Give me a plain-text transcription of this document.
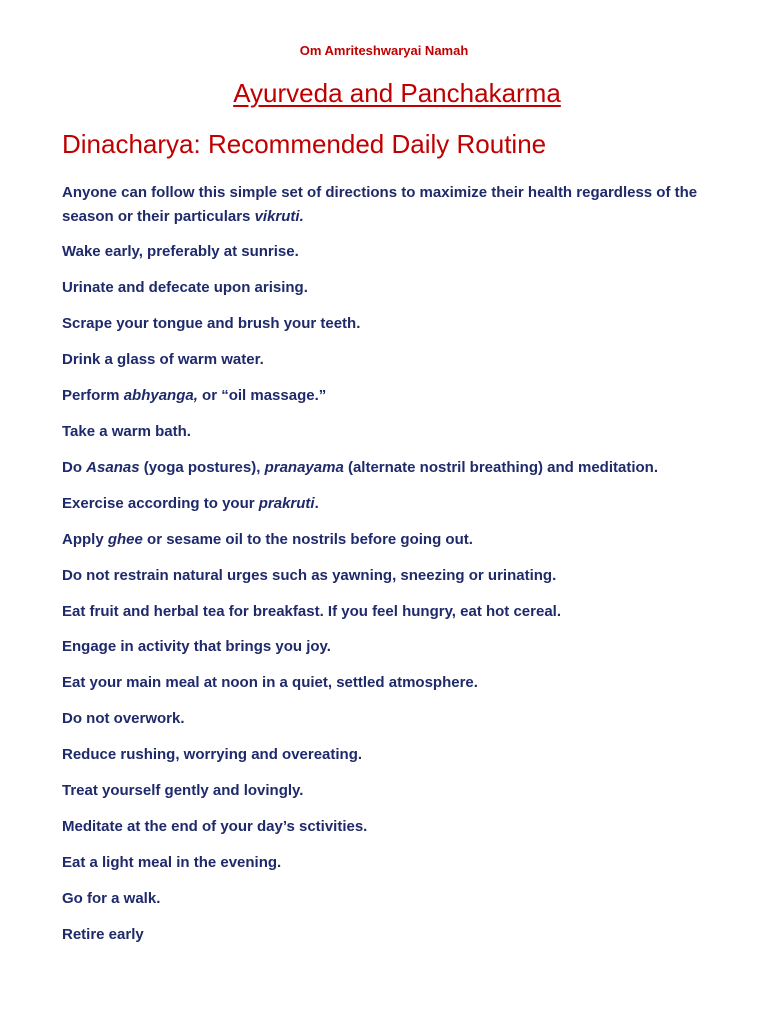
Om Amriteshwaryai Namah

Ayurveda and Panchakarma
Dinacharya: Recommended Daily Routine

Anyone can follow this simple set of directions to maximize their health regardless of the season or their particulars vikruti.

Wake early, preferably at sunrise.

Urinate and defecate upon arising.

Scrape your tongue and brush your teeth.

Drink a glass of warm water.

Perform abhyanga, or “oil massage.”

Take a warm bath.

Do Asanas (yoga postures), pranayama (alternate nostril breathing) and meditation.

Exercise according to your prakruti.

Apply ghee or sesame oil to the nostrils before going out.

Do not restrain natural urges such as yawning, sneezing or urinating.

Eat fruit and herbal tea for breakfast. If you feel hungry, eat hot cereal.

Engage in activity that brings you joy.

Eat your main meal at noon in a quiet, settled atmosphere.

Do not overwork.

Reduce rushing, worrying and overeating.

Treat yourself gently and lovingly.

Meditate at the end of your day’s sctivities.

Eat a light meal in the evening.

Go for a walk.

Retire early
